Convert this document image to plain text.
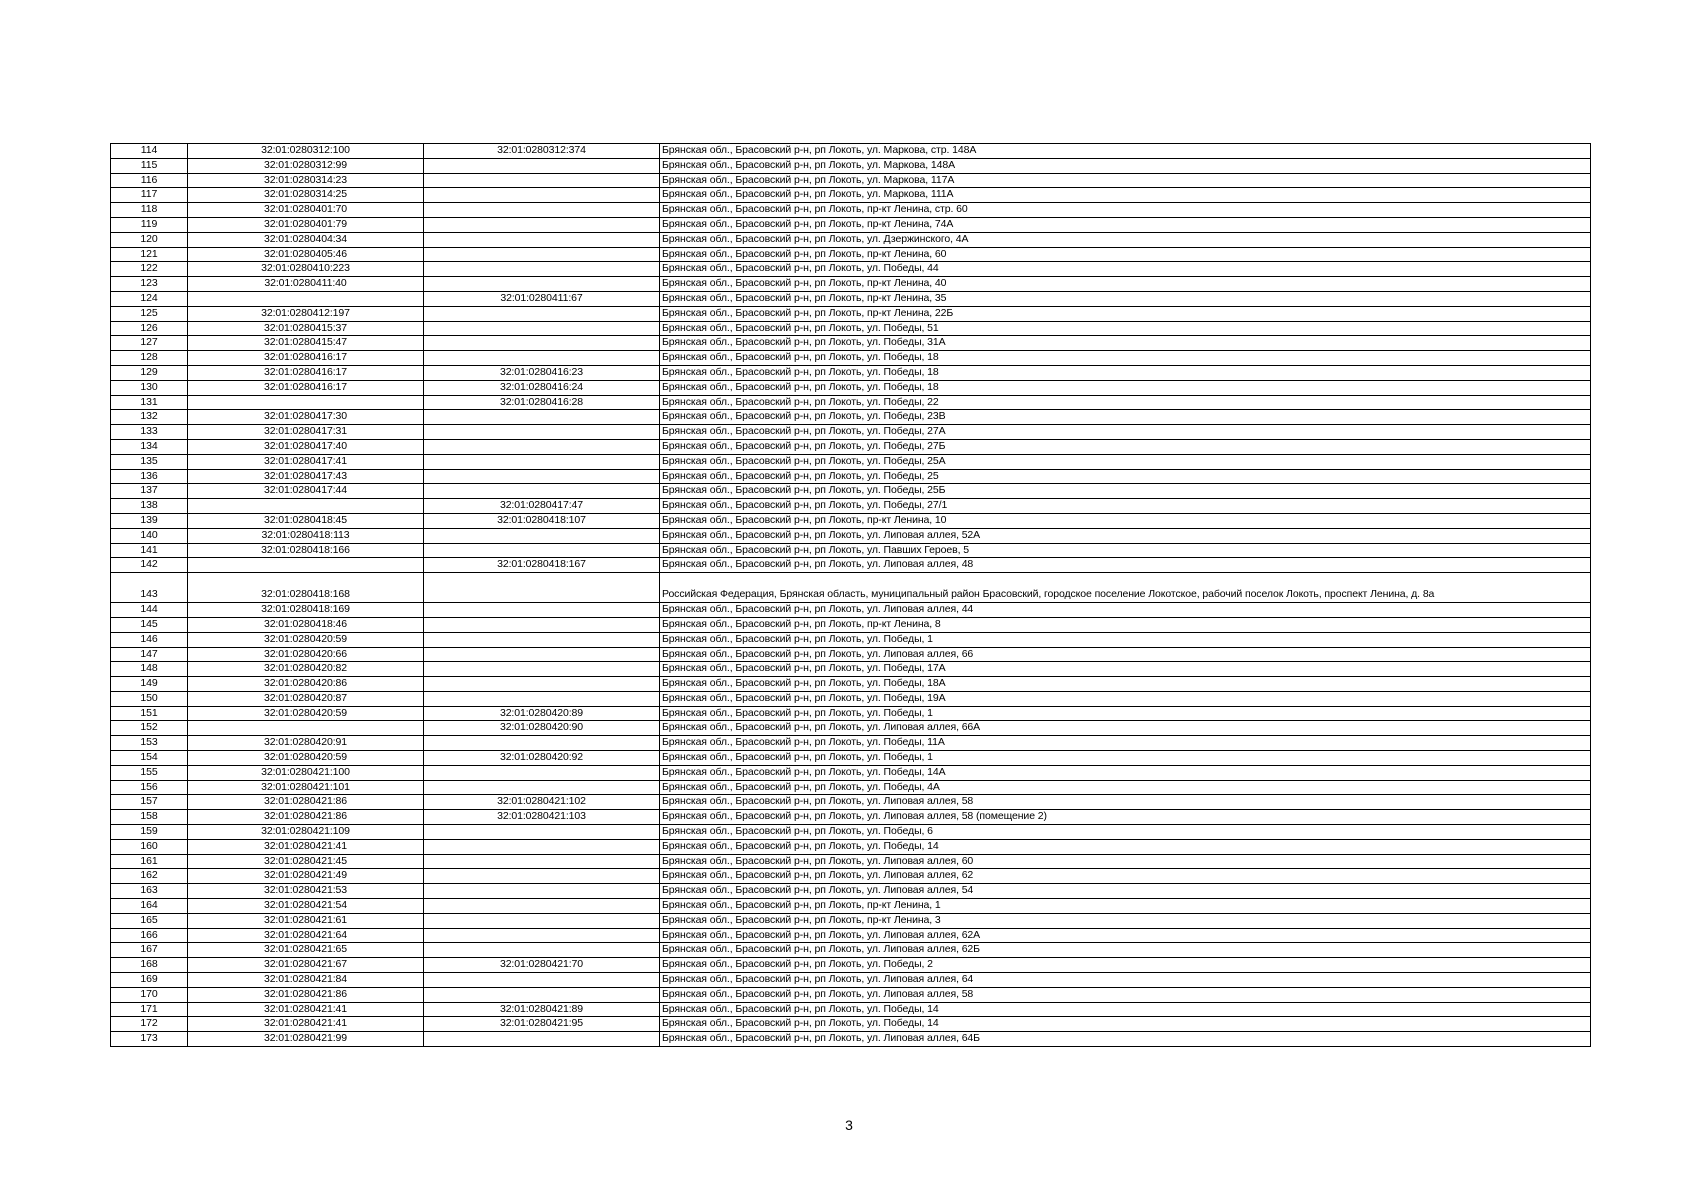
114	32:01:0280312:100	32:01:0280312:374	Брянская обл., Брасовский р-н, рп Локоть, ул. Маркова, стр. 148А
115	32:01:0280312:99		Брянская обл., Брасовский р-н, рп Локоть, ул. Маркова, 148А
116	32:01:0280314:23		Брянская обл., Брасовский р-н, рп Локоть, ул. Маркова, 117А
117	32:01:0280314:25		Брянская обл., Брасовский р-н, рп Локоть, ул. Маркова, 111А
118	32:01:0280401:70		Брянская обл., Брасовский р-н, рп Локоть, пр-кт Ленина, стр. 60
119	32:01:0280401:79		Брянская обл., Брасовский р-н, рп Локоть, пр-кт Ленина, 74А
120	32:01:0280404:34		Брянская обл., Брасовский р-н, рп Локоть, ул. Дзержинского, 4А
121	32:01:0280405:46		Брянская обл., Брасовский р-н, рп Локоть, пр-кт Ленина, 60
122	32:01:0280410:223		Брянская обл., Брасовский р-н, рп Локоть, ул. Победы, 44
123	32:01:0280411:40		Брянская обл., Брасовский р-н, рп Локоть, пр-кт Ленина, 40
124		32:01:0280411:67	Брянская обл., Брасовский р-н, рп Локоть, пр-кт Ленина, 35
125	32:01:0280412:197		Брянская обл., Брасовский р-н, рп Локоть, пр-кт Ленина, 22Б
126	32:01:0280415:37		Брянская обл., Брасовский р-н, рп Локоть, ул. Победы, 51
127	32:01:0280415:47		Брянская обл., Брасовский р-н, рп Локоть, ул. Победы, 31А
128	32:01:0280416:17		Брянская обл., Брасовский р-н, рп Локоть, ул. Победы, 18
129	32:01:0280416:17	32:01:0280416:23	Брянская обл., Брасовский р-н, рп Локоть, ул. Победы, 18
130	32:01:0280416:17	32:01:0280416:24	Брянская обл., Брасовский р-н, рп Локоть, ул. Победы, 18
131		32:01:0280416:28	Брянская обл., Брасовский р-н, рп Локоть, ул. Победы, 22
132	32:01:0280417:30		Брянская обл., Брасовский р-н, рп Локоть, ул. Победы, 23В
133	32:01:0280417:31		Брянская обл., Брасовский р-н, рп Локоть, ул. Победы, 27А
134	32:01:0280417:40		Брянская обл., Брасовский р-н, рп Локоть, ул. Победы, 27Б
135	32:01:0280417:41		Брянская обл., Брасовский р-н, рп Локоть, ул. Победы, 25А
136	32:01:0280417:43		Брянская обл., Брасовский р-н, рп Локоть, ул. Победы, 25
137	32:01:0280417:44		Брянская обл., Брасовский р-н, рп Локоть, ул. Победы, 25Б
138		32:01:0280417:47	Брянская обл., Брасовский р-н, рп Локоть, ул. Победы, 27/1
139	32:01:0280418:45	32:01:0280418:107	Брянская обл., Брасовский р-н, рп Локоть, пр-кт Ленина, 10
140	32:01:0280418:113		Брянская обл., Брасовский р-н, рп Локоть, ул. Липовая аллея, 52А
141	32:01:0280418:166		Брянская обл., Брасовский р-н, рп Локоть, ул. Павших Героев, 5
142		32:01:0280418:167	Брянская обл., Брасовский р-н, рп Локоть, ул. Липовая аллея, 48
143	32:01:0280418:168		Российская Федерация, Брянская область, муниципальный район Брасовский, городское поселение Локотское, рабочий поселок Локоть, проспект Ленина, д. 8а
144	32:01:0280418:169		Брянская обл., Брасовский р-н, рп Локоть, ул. Липовая аллея, 44
145	32:01:0280418:46		Брянская обл., Брасовский р-н, рп Локоть, пр-кт Ленина, 8
146	32:01:0280420:59		Брянская обл., Брасовский р-н, рп Локоть, ул. Победы, 1
147	32:01:0280420:66		Брянская обл., Брасовский р-н, рп Локоть, ул. Липовая аллея, 66
148	32:01:0280420:82		Брянская обл., Брасовский р-н, рп Локоть, ул. Победы, 17А
149	32:01:0280420:86		Брянская обл., Брасовский р-н, рп Локоть, ул. Победы, 18А
150	32:01:0280420:87		Брянская обл., Брасовский р-н, рп Локоть, ул. Победы, 19А
151	32:01:0280420:59	32:01:0280420:89	Брянская обл., Брасовский р-н, рп Локоть, ул. Победы, 1
152		32:01:0280420:90	Брянская обл., Брасовский р-н, рп Локоть, ул. Липовая аллея, 66А
153	32:01:0280420:91		Брянская обл., Брасовский р-н, рп Локоть, ул. Победы, 11А
154	32:01:0280420:59	32:01:0280420:92	Брянская обл., Брасовский р-н, рп Локоть, ул. Победы, 1
155	32:01:0280421:100		Брянская обл., Брасовский р-н, рп Локоть, ул. Победы, 14А
156	32:01:0280421:101		Брянская обл., Брасовский р-н, рп Локоть, ул. Победы, 4А
157	32:01:0280421:86	32:01:0280421:102	Брянская обл., Брасовский р-н, рп Локоть, ул. Липовая аллея, 58
158	32:01:0280421:86	32:01:0280421:103	Брянская обл., Брасовский р-н, рп Локоть, ул. Липовая аллея, 58 (помещение 2)
159	32:01:0280421:109		Брянская обл., Брасовский р-н, рп Локоть, ул. Победы, 6
160	32:01:0280421:41		Брянская обл., Брасовский р-н, рп Локоть, ул. Победы, 14
161	32:01:0280421:45		Брянская обл., Брасовский р-н, рп Локоть, ул. Липовая аллея, 60
162	32:01:0280421:49		Брянская обл., Брасовский р-н, рп Локоть, ул. Липовая аллея, 62
163	32:01:0280421:53		Брянская обл., Брасовский р-н, рп Локоть, ул. Липовая аллея, 54
164	32:01:0280421:54		Брянская обл., Брасовский р-н, рп Локоть, пр-кт Ленина, 1
165	32:01:0280421:61		Брянская обл., Брасовский р-н, рп Локоть, пр-кт Ленина, 3
166	32:01:0280421:64		Брянская обл., Брасовский р-н, рп Локоть, ул. Липовая аллея, 62А
167	32:01:0280421:65		Брянская обл., Брасовский р-н, рп Локоть, ул. Липовая аллея, 62Б
168	32:01:0280421:67	32:01:0280421:70	Брянская обл., Брасовский р-н, рп Локоть, ул. Победы, 2
169	32:01:0280421:84		Брянская обл., Брасовский р-н, рп Локоть, ул. Липовая аллея, 64
170	32:01:0280421:86		Брянская обл., Брасовский р-н, рп Локоть, ул. Липовая аллея, 58
171	32:01:0280421:41	32:01:0280421:89	Брянская обл., Брасовский р-н, рп Локоть, ул. Победы, 14
172	32:01:0280421:41	32:01:0280421:95	Брянская обл., Брасовский р-н, рп Локоть, ул. Победы, 14
173	32:01:0280421:99		Брянская обл., Брасовский р-н, рп Локоть, ул. Липовая аллея, 64Б
3
